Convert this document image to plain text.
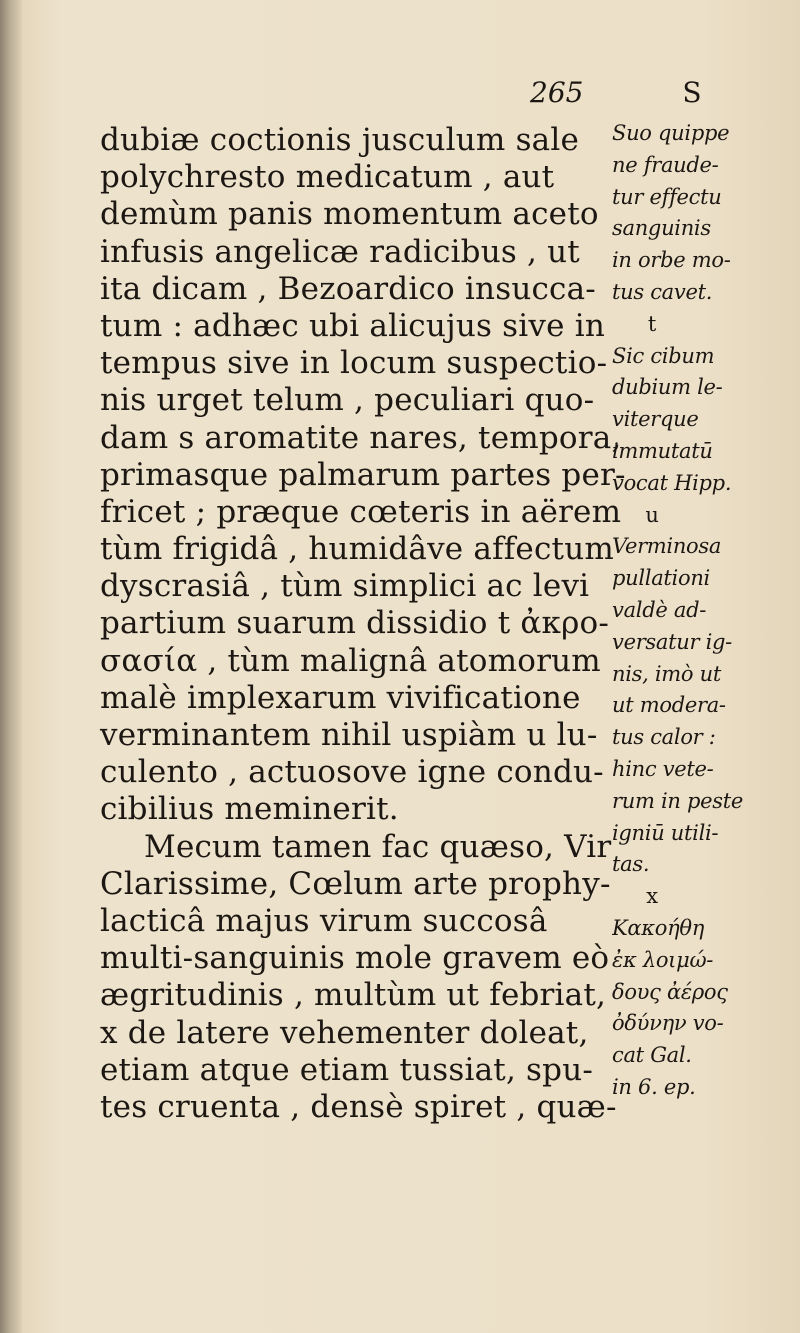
265	S
dubiæ coctionis jusculum sale
polychresto medicatum , aut
demùm panis momentum aceto
infusis angelicæ radicibus , ut
ita dicam , Bezoardico insucca-
tum : adhæc ubi alicujus sive in
tempus sive in locum suspectio-
nis urget telum , peculiari quo-
dam s aromatite nares, tempora,
primasque palmarum partes per-
fricet ; præque cœteris in aërem
tùm frigidâ , humidâve affectum
dyscrasiâ , tùm simplici ac levi
partium suarum dissidio t ἀκρο-
σασία , tùm malignâ atomorum
malè implexarum vivificatione
verminantem nihil uspiàm u lu-
culento , actuosove igne condu-
cibilius meminerit.
Mecum tamen fac quæso, Vir
Clarissime, Cœlum arte prophy-
lacticâ majus virum succosâ
multi-sanguinis mole gravem eò
ægritudinis , multùm ut febriat,
x de latere vehementer doleat,
etiam atque etiam tussiat, spu-
tes cruenta , densè spiret , quæ-
Suo quippe
ne fraude-
tur effectu
sanguinis
in orbe mo-
tus cavet.
t
Sic cibum
dubium le-
viterque
immutatū
vocat Hipp.
u
Verminosa
pullationi
valdè ad-
versatur ig-
nis, imò ut
ut modera-
tus calor :
hinc vete-
rum in peste
igniū utili-
tas.
x
Κακοήθη
ἐκ λοιμώ-
δους ἀέρος
ὀδύνην vo-
cat Gal.
in 6. ep.
